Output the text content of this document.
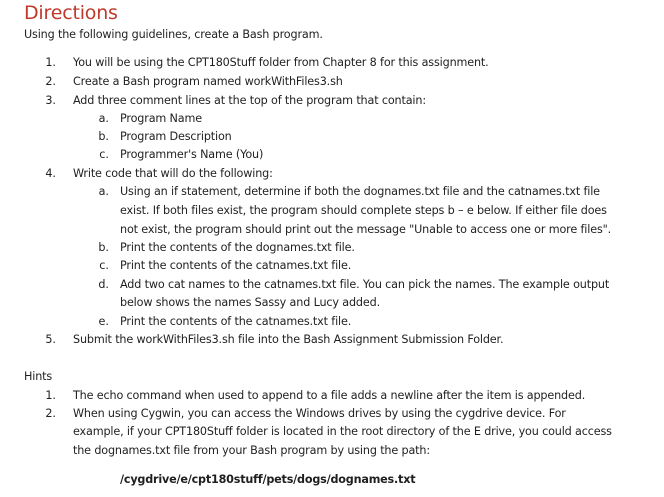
Directions
Using the following guidelines, create a Bash program.
1. You will be using the CPT180Stuff folder from Chapter 8 for this assignment.
2. Create a Bash program named workWithFiles3.sh
3. Add three comment lines at the top of the program that contain:
a. Program Name
b. Program Description
c. Programmer's Name (You)
4. Write code that will do the following:
a. Using an if statement, determine if both the dognames.txt file and the catnames.txt file
exist. If both files exist, the program should complete steps b – e below. If either file does
not exist, the program should print out the message "Unable to access one or more files".
b. Print the contents of the dognames.txt file.
c. Print the contents of the catnames.txt file.
d. Add two cat names to the catnames.txt file. You can pick the names. The example output
below shows the names Sassy and Lucy added.
e. Print the contents of the catnames.txt file.
5. Submit the workWithFiles3.sh file into the Bash Assignment Submission Folder.
Hints
1. The echo command when used to append to a file adds a newline after the item is appended.
2. When using Cygwin, you can access the Windows drives by using the cygdrive device. For
example, if your CPT180Stuff folder is located in the root directory of the E drive, you could access
the dognames.txt file from your Bash program by using the path:
/cygdrive/e/cpt180stuff/pets/dogs/dognames.txt
